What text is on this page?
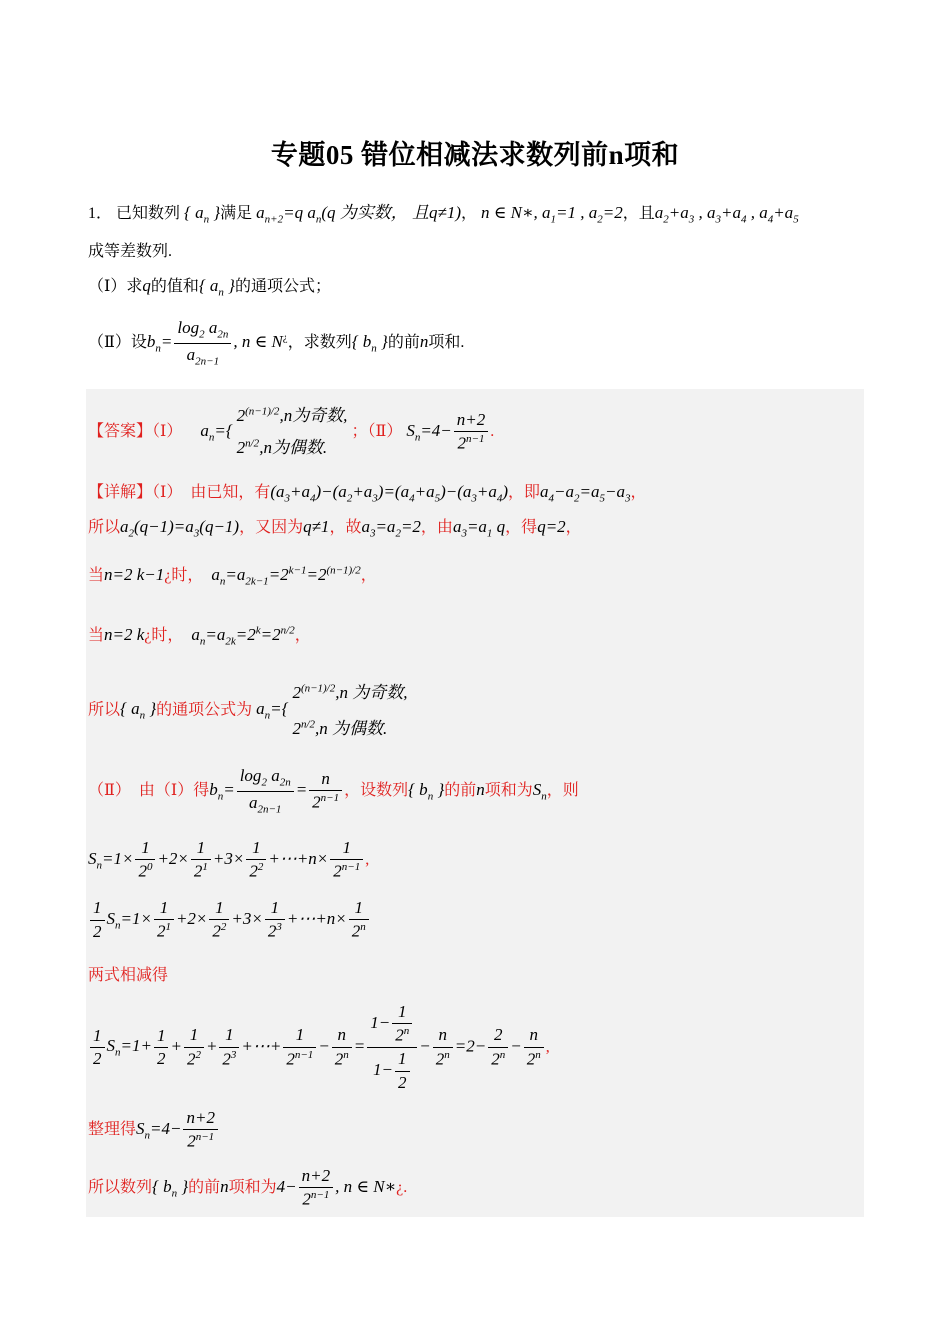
专题05 错位相减法求数列前n项和
1． 已知数列 { $a_n$ }满足 $a_{n+2}=q$ $a_n(q$ 为实数， 且q≠1)， n ∈ N∗, $a_1=1$ , $a_2=2$，且$a_2+a_3$ , $a_3+a_4$ , $a_4+a_5$
成等差数列.
（Ⅰ）求q的值和{ $a_n$ }的通项公式；
（Ⅱ）设$b_n= \frac{\log_2 a_{2n}}{a_{2n-1}}$ , n ∈ N¿，求数列{ $b_n$ }的前n项和.
【答案】（Ⅰ） $a_n=${ $2^{(n-1)/2},n$为奇数,
$2^{n/2},n$为偶数. ；（Ⅱ） $S_n=4- \frac{n+2}{2^{n-1}}$ .
【详解】（Ⅰ） 由已知，有$(a_3+a_4)-(a_2+a_3)=(a_4+a_5)-(a_3+a_4)$，即$a_4-a_2=a_5-a_3$，
所以$a_2(q-1)=a_3(q-1)$，又因为q≠1，故$a_3=a_2=2$，由$a_3=a_1$ q，得q=2，
当n=2 k−1¿时， $a_n=a_{2k-1}=2^{k-1}=2^{(n-1)/2}$，
当n=2 k¿时， $a_n=a_{2k}=2^k=2^{n/2}$，
所以{ $a_n$ }的通项公式为 $a_n=${ $2^{(n-1)/2},n$ 为奇数,
$2^{n/2},n$ 为偶数.
（Ⅱ） 由（Ⅰ）得$b_n= \frac{\log_2 a_{2n}}{a_{2n-1}} = \frac{n}{2^{n-1}}$ ，设数列{ $b_n$ }的前n项和为$S_n$，则
$S_n=1\times \frac{1}{2^0} +2\times \frac{1}{2^1} +3\times \frac{1}{2^2}$ +⋯+n× $\frac{1}{2^{n-1}}$ ,
$\frac{1}{2} S_n=1\times \frac{1}{2^1} +2\times \frac{1}{2^2} +3\times \frac{1}{2^3}$ +⋯+n× $\frac{1}{2^n}$
两式相减得
$\frac{1}{2} S_n=1+ \frac{1}{2} + \frac{1}{2^2} + \frac{1}{2^3}$ +⋯+ $\frac{1}{2^{n-1}} - \frac{n}{2^n} = \frac{1- \frac{1}{2^n}}{1- \frac{1}{2}} - \frac{n}{2^n} =2- \frac{2}{2^n} - \frac{n}{2^n}$ ,
整理得$S_n=4- \frac{n+2}{2^{n-1}}$
所以数列{ $b_n$ }的前n项和为$4- \frac{n+2}{2^{n-1}}$ , n ∈ N∗¿.
